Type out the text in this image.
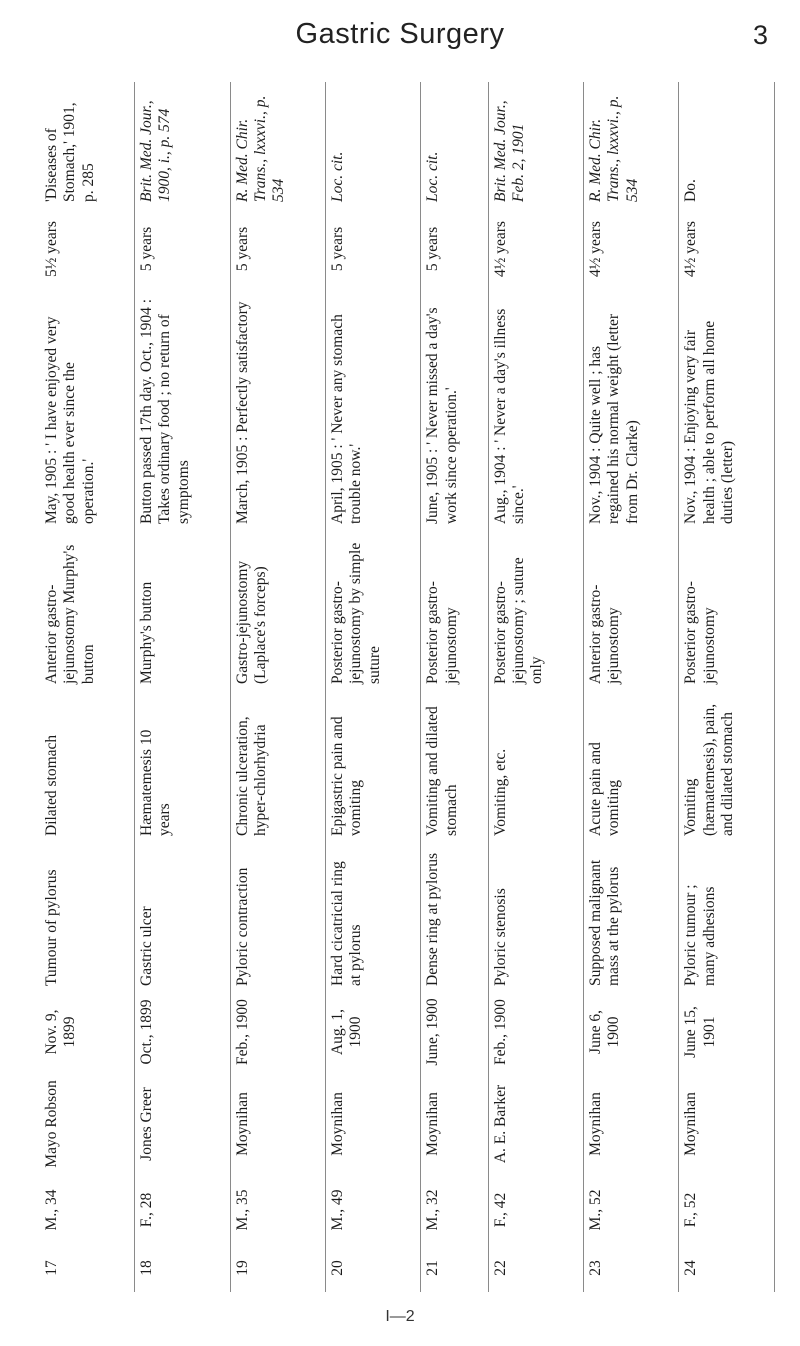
Gastric Surgery	3
17	M., 34	Mayo Robson	Nov. 9, 1899	Tumour of pylorus	Dilated stomach	Anterior gastro-jejunostomy Murphy's button	May, 1905 : ' I have enjoyed very good health ever since the operation.'	5½ years	'Diseases of Stomach,' 1901, p. 285
18	F., 28	Jones Greer	Oct., 1899	Gastric ulcer	Hæmatemesis 10 years	Murphy's button	Button passed 17th day. Oct., 1904 : Takes ordinary food ; no return of symptoms	5 years	Brit. Med. Jour., 1900, i., p. 574
19	M., 35	Moynihan	Feb., 1900	Pyloric contraction	Chronic ulceration, hyper-chlorhydria	Gastro-jejunostomy (Laplace's forceps)	March, 1905 : Perfectly satisfactory	5 years	R. Med. Chir. Trans., lxxxvi., p. 534
20	M., 49	Moynihan	Aug. 1, 1900	Hard cicatricial ring at pylorus	Epigastric pain and vomiting	Posterior gastro-jejunostomy by simple suture	April, 1905 : ' Never any stomach trouble now.'	5 years	Loc. cit.
21	M., 32	Moynihan	June, 1900	Dense ring at pylorus	Vomiting and dilated stomach	Posterior gastro-jejunostomy	June, 1905 : ' Never missed a day's work since operation.'	5 years	Loc. cit.
22	F., 42	A. E. Barker	Feb., 1900	Pyloric stenosis	Vomiting, etc.	Posterior gastro-jejunostomy ; suture only	Aug., 1904 : ' Never a day's illness since.'	4½ years	Brit. Med. Jour., Feb. 2, 1901
23	M., 52	Moynihan	June 6, 1900	Supposed malignant mass at the pylorus	Acute pain and vomiting	Anterior gastro-jejunostomy	Nov., 1904 : Quite well ; has regained his normal weight (letter from Dr. Clarke)	4½ years	R. Med. Chir. Trans., lxxxvi., p. 534
24	F., 52	Moynihan	June 15, 1901	Pyloric tumour ; many adhesions	Vomiting (hæmatemesis), pain, and dilated stomach	Posterior gastro-jejunostomy	Nov., 1904 : Enjoying very fair health ; able to perform all home duties (letter)	4½ years	Do.
I—2
